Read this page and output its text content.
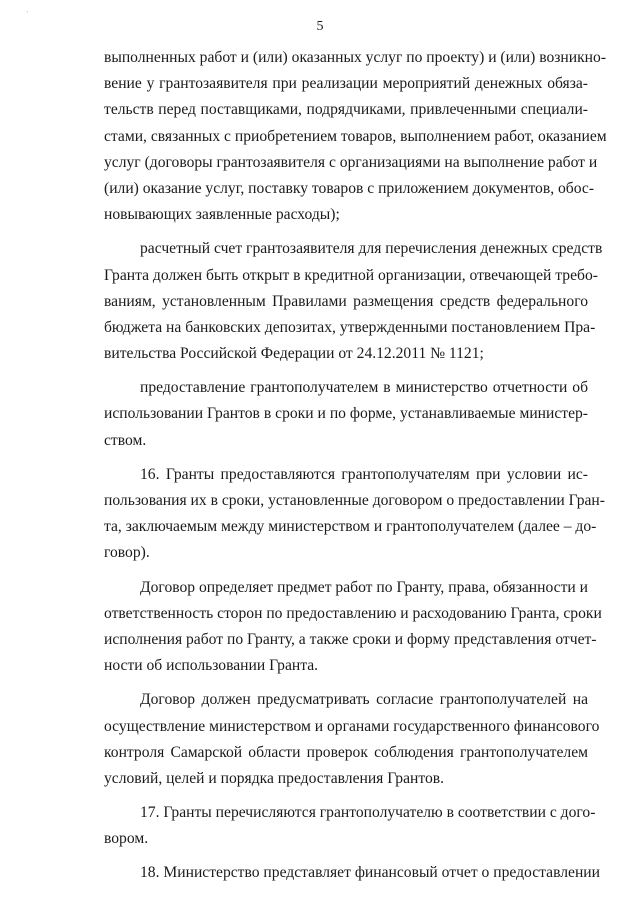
`
5
выполненных работ и (или) оказанных услуг по проекту) и (или) возникно-
вение у грантозаявителя при реализации мероприятий денежных обяза-
тельств перед поставщиками, подрядчиками, привлеченными специали-
стами, связанных с приобретением товаров, выполнением работ, оказанием
услуг (договоры грантозаявителя с организациями на выполнение работ и
(или) оказание услуг, поставку товаров с приложением документов, обос-
новывающих заявленные расходы);
расчетный счет грантозаявителя для перечисления денежных средств
Гранта должен быть открыт в кредитной организации, отвечающей требо-
ваниям, установленным Правилами размещения средств федерального
бюджета на банковских депозитах, утвержденными постановлением Пра-
вительства Российской Федерации от 24.12.2011 № 1121;
предоставление грантополучателем в министерство отчетности об
использовании Грантов в сроки и по форме, устанавливаемые министер-
ством.
16. Гранты предоставляются грантополучателям при условии ис-
пользования их в сроки, установленные договором о предоставлении Гран-
та, заключаемым между министерством и грантополучателем (далее – до-
говор).
Договор определяет предмет работ по Гранту, права, обязанности и
ответственность сторон по предоставлению и расходованию Гранта, сроки
исполнения работ по Гранту, а также сроки и форму представления отчет-
ности об использовании Гранта.
Договор должен предусматривать согласие грантополучателей на
осуществление министерством и органами государственного финансового
контроля Самарской области проверок соблюдения грантополучателем
условий, целей и порядка предоставления Грантов.
17. Гранты перечисляются грантополучателю в соответствии с дого-
вором.
18. Министерство представляет финансовый отчет о предоставлении
